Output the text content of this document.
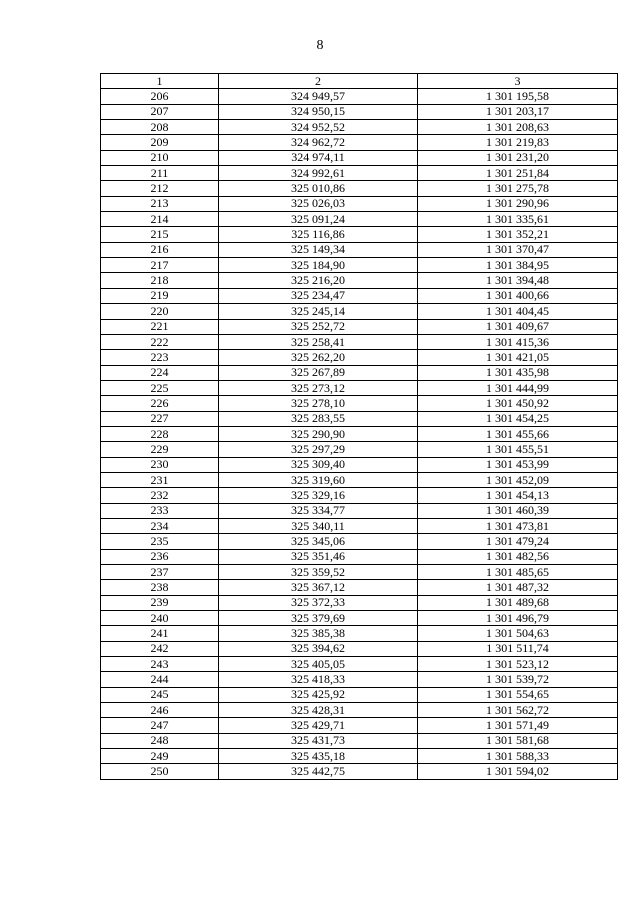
8
1	2	3
206	324 949,57	1 301 195,58
207	324 950,15	1 301 203,17
208	324 952,52	1 301 208,63
209	324 962,72	1 301 219,83
210	324 974,11	1 301 231,20
211	324 992,61	1 301 251,84
212	325 010,86	1 301 275,78
213	325 026,03	1 301 290,96
214	325 091,24	1 301 335,61
215	325 116,86	1 301 352,21
216	325 149,34	1 301 370,47
217	325 184,90	1 301 384,95
218	325 216,20	1 301 394,48
219	325 234,47	1 301 400,66
220	325 245,14	1 301 404,45
221	325 252,72	1 301 409,67
222	325 258,41	1 301 415,36
223	325 262,20	1 301 421,05
224	325 267,89	1 301 435,98
225	325 273,12	1 301 444,99
226	325 278,10	1 301 450,92
227	325 283,55	1 301 454,25
228	325 290,90	1 301 455,66
229	325 297,29	1 301 455,51
230	325 309,40	1 301 453,99
231	325 319,60	1 301 452,09
232	325 329,16	1 301 454,13
233	325 334,77	1 301 460,39
234	325 340,11	1 301 473,81
235	325 345,06	1 301 479,24
236	325 351,46	1 301 482,56
237	325 359,52	1 301 485,65
238	325 367,12	1 301 487,32
239	325 372,33	1 301 489,68
240	325 379,69	1 301 496,79
241	325 385,38	1 301 504,63
242	325 394,62	1 301 511,74
243	325 405,05	1 301 523,12
244	325 418,33	1 301 539,72
245	325 425,92	1 301 554,65
246	325 428,31	1 301 562,72
247	325 429,71	1 301 571,49
248	325 431,73	1 301 581,68
249	325 435,18	1 301 588,33
250	325 442,75	1 301 594,02
